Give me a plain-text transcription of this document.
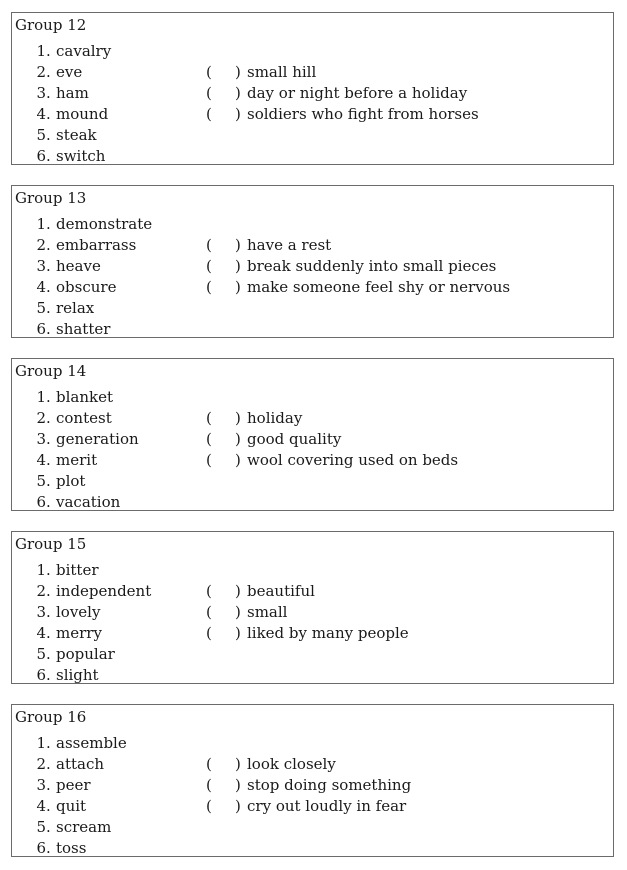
Group 12
1 . cavalry
2 . eve	( ) small hill
3 . ham	( ) day or night before a holiday
4 . mound	( ) soldiers who fight from horses
5 . steak
6 . switch
Group 13
1 . demonstrate
2 . embarrass	( ) have a rest
3 . heave	( ) break suddenly into small pieces
4 . obscure	( ) make someone feel shy or nervous
5 . relax
6 . shatter
Group 14
1 . blanket
2 . contest	( ) holiday
3 . generation	( ) good quality
4 . merit	( ) wool covering used on beds
5 . plot
6 . vacation
Group 15
1 . bitter
2 . independent	( ) beautiful
3 . lovely	( ) small
4 . merry	( ) liked by many people
5 . popular
6 . slight
Group 16
1 . assemble
2 . attach	( ) look closely
3 . peer	( ) stop doing something
4 . quit	( ) cry out loudly in fear
5 . scream
6 . toss
